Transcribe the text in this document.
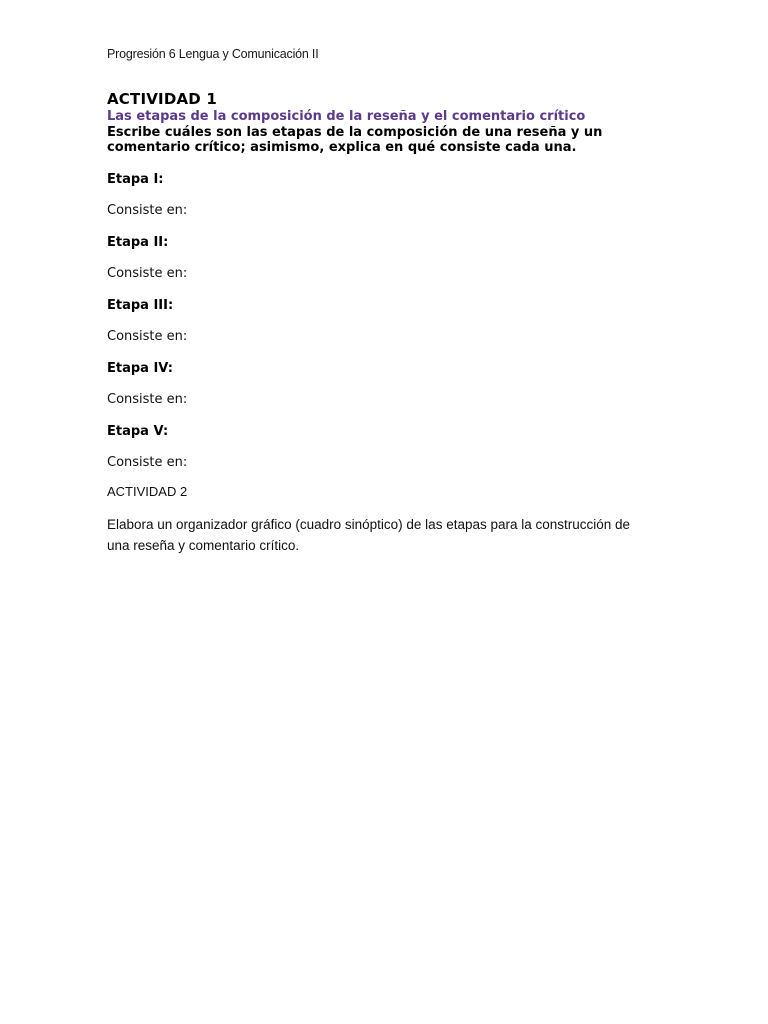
Progresión 6 Lengua y Comunicación II

ACTIVIDAD 1

Las etapas de la composición de la reseña y el comentario crítico

Escribe cuáles son las etapas de la composición de una reseña y un comentario crítico; asimismo, explica en qué consiste cada una.

Etapa I:

Consiste en:

Etapa II:

Consiste en:

Etapa III:

Consiste en:

Etapa IV:

Consiste en:

Etapa V:

Consiste en:

ACTIVIDAD 2

Elabora un organizador gráfico (cuadro sinóptico) de las etapas para la construcción de una reseña y comentario crítico.
